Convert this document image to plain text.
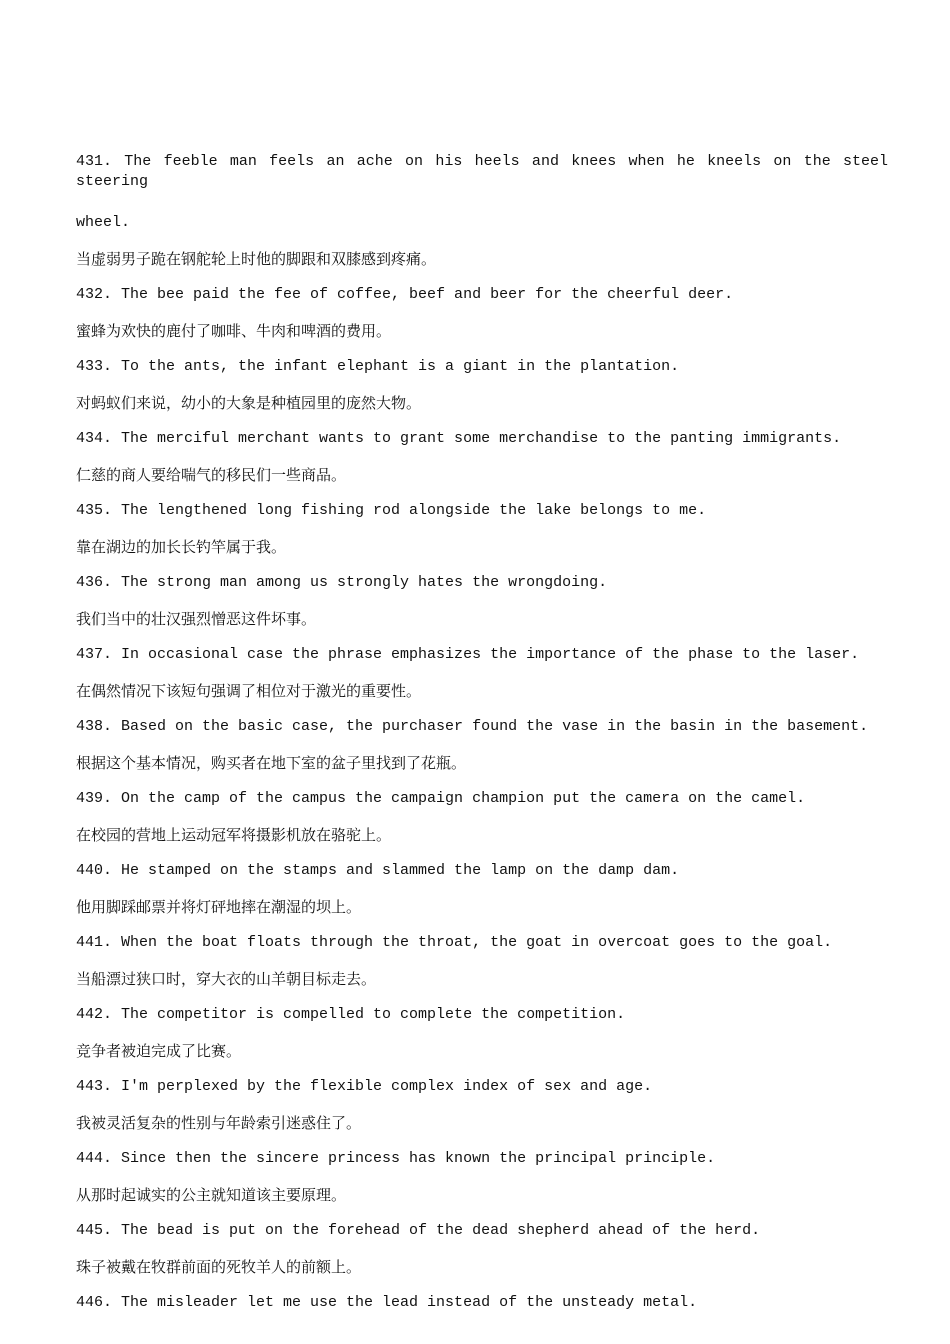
431. The feeble man feels an ache on his heels and knees when he kneels on the steel steering
wheel.
当虚弱男子跪在钢舵轮上时他的脚跟和双膝感到疼痛。
432. The bee paid the fee of coffee, beef and beer for the cheerful deer.
蜜蜂为欢快的鹿付了咖啡、牛肉和啤酒的费用。
433. To the ants, the infant elephant is a giant in the plantation.
对蚂蚁们来说，幼小的大象是种植园里的庞然大物。
434. The merciful merchant wants to grant some merchandise to the panting immigrants.
仁慈的商人要给喘气的移民们一些商品。
435. The lengthened long fishing rod alongside the lake belongs to me.
靠在湖边的加长长钓竿属于我。
436. The strong man among us strongly hates the wrongdoing.
我们当中的壮汉强烈憎恶这件坏事。
437. In occasional case the phrase emphasizes the importance of the phase to the laser.
在偶然情况下该短句强调了相位对于激光的重要性。
438. Based on the basic case, the purchaser found the vase in the basin in the basement.
根据这个基本情况，购买者在地下室的盆子里找到了花瓶。
439. On the camp of the campus the campaign champion put the camera on the camel.
在校园的营地上运动冠军将摄影机放在骆驼上。
440. He stamped on the stamps and slammed the lamp on the damp dam.
他用脚踩邮票并将灯砰地摔在潮湿的坝上。
441. When the boat floats through the throat, the goat in overcoat goes to the goal.
当船漂过狭口时，穿大衣的山羊朝目标走去。
442. The competitor is compelled to complete the competition.
竞争者被迫完成了比赛。
443. I'm perplexed by the flexible complex index of sex and age.
我被灵活复杂的性别与年龄索引迷惑住了。
444. Since then the sincere princess has known the principal principle.
从那时起诚实的公主就知道该主要原理。
445. The bead is put on the forehead of the dead shepherd ahead of the herd.
珠子被戴在牧群前面的死牧羊人的前额上。
446. The misleader let me use the lead instead of the unsteady metal.
